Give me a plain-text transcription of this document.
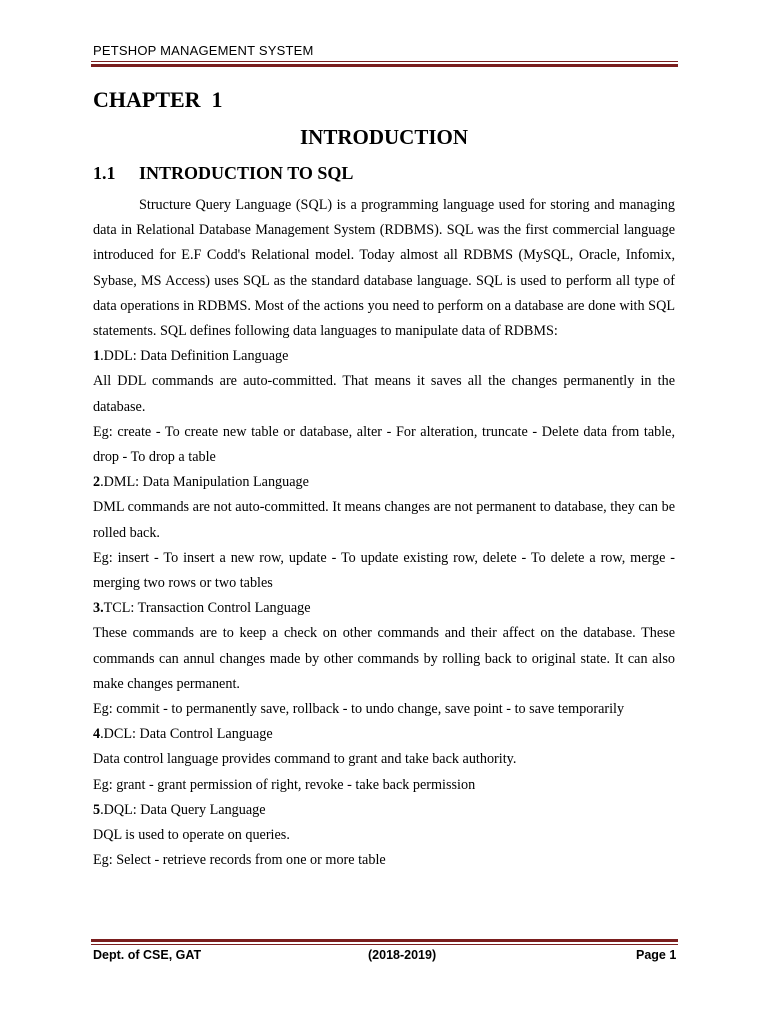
PETSHOP MANAGEMENT SYSTEM
CHAPTER  1
INTRODUCTION
1.1 INTRODUCTION TO SQL

Structure Query Language (SQL) is a programming language used for storing and managing data in Relational Database Management System (RDBMS). SQL was the first commercial language introduced for E.F Codd's Relational model. Today almost all RDBMS (MySQL, Oracle, Infomix, Sybase, MS Access) uses SQL as the standard database language. SQL is used to perform all type of data operations in RDBMS. Most of the actions you need to perform on a database are done with SQL statements. SQL defines following data languages to manipulate data of RDBMS:

1.DDL: Data Definition Language

All DDL commands are auto-committed. That means it saves all the changes permanently in the database.

Eg: create - To create new table or database, alter - For alteration, truncate - Delete data from table, drop - To drop a table

2.DML: Data Manipulation Language

DML commands are not auto-committed. It means changes are not permanent to database, they can be rolled back.

Eg: insert - To insert a new row, update - To update existing row, delete - To delete a row, merge - merging two rows or two tables

3.TCL: Transaction Control Language

These commands are to keep a check on other commands and their affect on the database. These commands can annul changes made by other commands by rolling back to original state. It can also make changes permanent.

Eg: commit - to permanently save, rollback - to undo change, save point - to save temporarily

4.DCL: Data Control Language

Data control language provides command to grant and take back authority.

Eg: grant - grant permission of right, revoke - take back permission

5.DQL: Data Query Language

DQL is used to operate on queries.

Eg: Select - retrieve records from one or more table

Dept. of CSE, GAT	(2018-2019)	Page 1
